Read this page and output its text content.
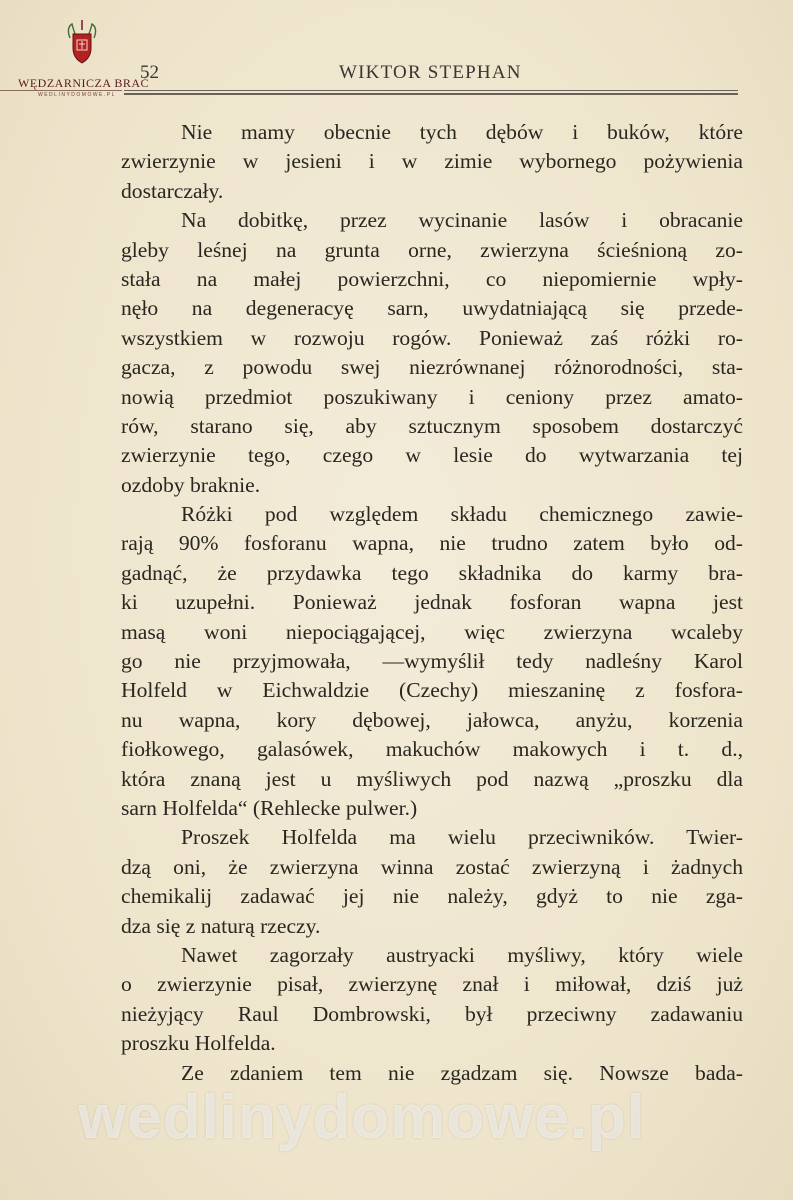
WĘDZARNICZA BRAĆ
WEDLINYDOMOWE.PL
52	WIKTOR STEPHAN
Nie mamy obecnie tych dębów i buków, które
zwierzynie w jesieni i w zimie wybornego pożywienia
dostarczały.
Na dobitkę, przez wycinanie lasów i obracanie
gleby leśnej na grunta orne, zwierzyna ścieśnioną zo-
stała na małej powierzchni, co niepomiernie wpły-
nęło na degeneracyę sarn, uwydatniającą się przede-
wszystkiem w rozwoju rogów. Ponieważ zaś różki ro-
gacza, z powodu swej niezrównanej różnorodności, sta-
nowią przedmiot poszukiwany i ceniony przez amato-
rów, starano się, aby sztucznym sposobem dostarczyć
zwierzynie tego, czego w lesie do wytwarzania tej
ozdoby braknie.
Różki pod względem składu chemicznego zawie-
rają 90% fosforanu wapna, nie trudno zatem było od-
gadnąć, że przydawka tego składnika do karmy bra-
ki uzupełni. Ponieważ jednak fosforan wapna jest
masą woni niepociągającej, więc zwierzyna wcaleby
go nie przyjmowała, —wymyślił tedy nadleśny Karol
Holfeld w Eichwaldzie (Czechy) mieszaninę z fosfora-
nu wapna, kory dębowej, jałowca, anyżu, korzenia
fiołkowego, galasówek, makuchów makowych i t. d.,
która znaną jest u myśliwych pod nazwą „proszku dla
sarn Holfelda“ (Rehlecke pulwer.)
Proszek Holfelda ma wielu przeciwników. Twier-
dzą oni, że zwierzyna winna zostać zwierzyną i żadnych
chemikalij zadawać jej nie należy, gdyż to nie zga-
dza się z naturą rzeczy.
Nawet zagorzały austryacki myśliwy, który wiele
o zwierzynie pisał, zwierzynę znał i miłował, dziś już
nieżyjący Raul Dombrowski, był przeciwny zadawaniu
proszku Holfelda.
Ze zdaniem tem nie zgadzam się. Nowsze bada-
wedlinydomowe.pl
